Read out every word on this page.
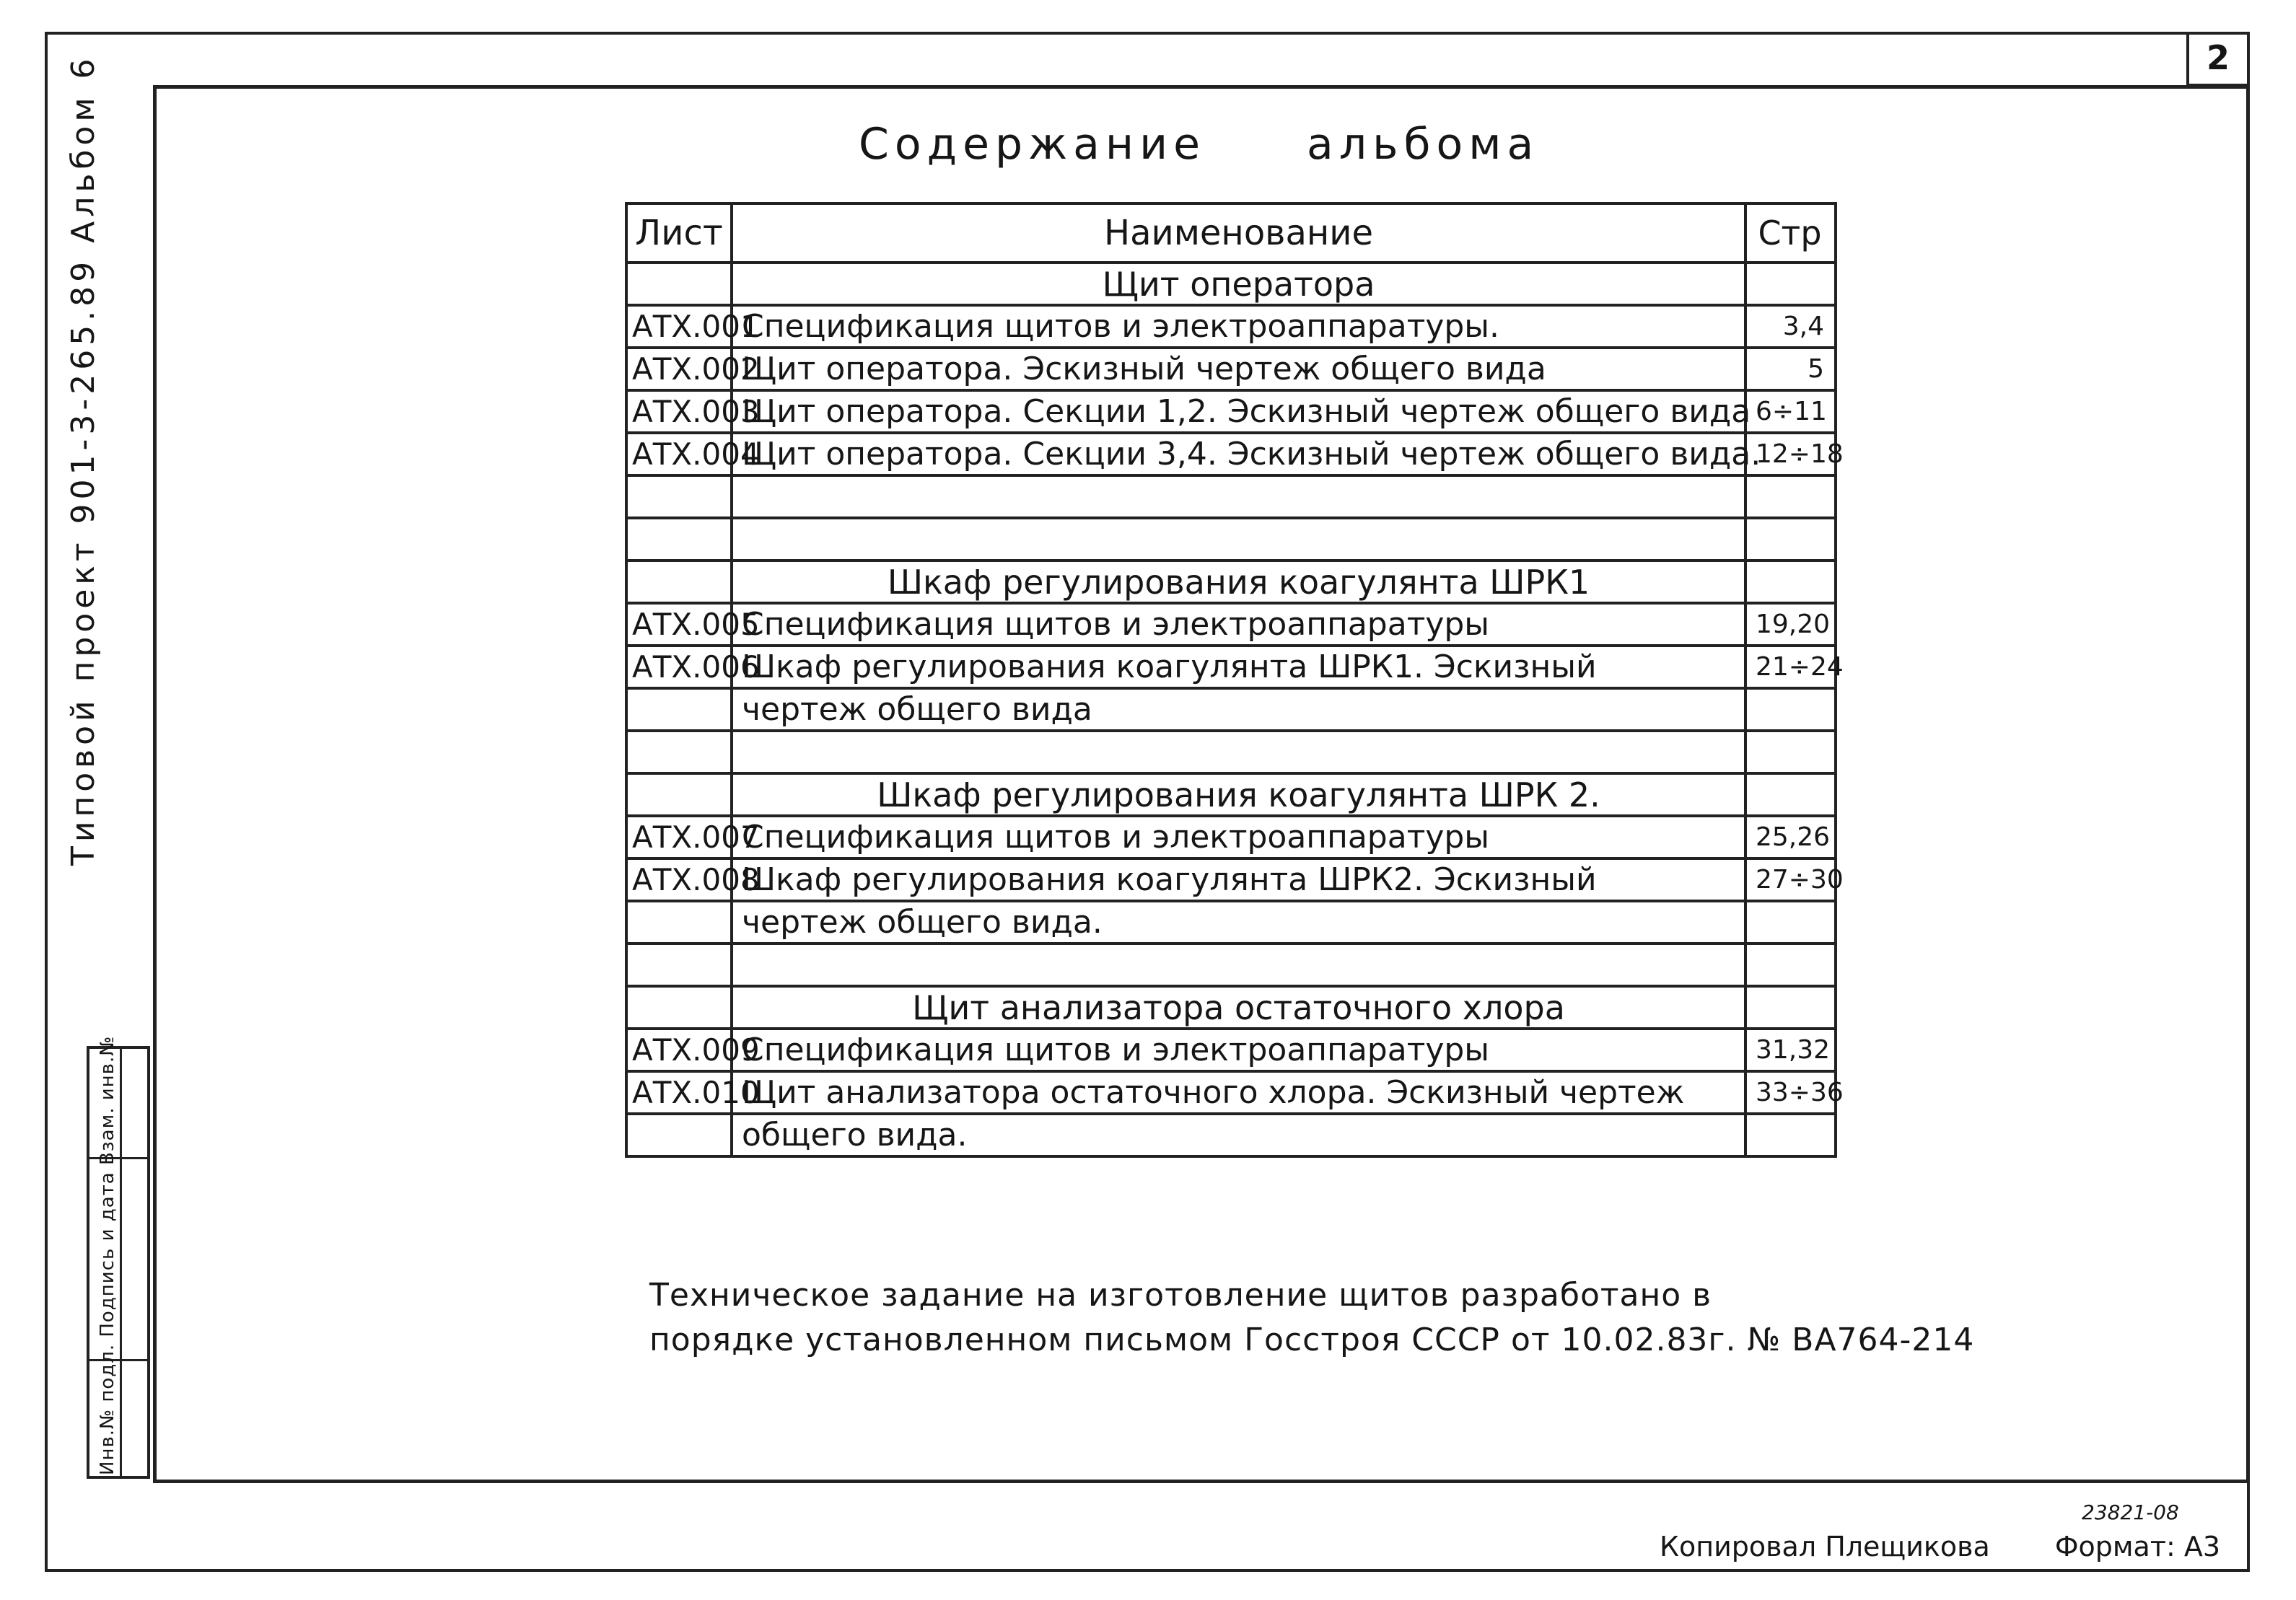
2
Типовой проект 901-3-265.89 Альбом 6
Инв.№ подл. Подпись и дата Взам. инв.№
Содержание альбома
Лист	Наименование	Стр
	Щит оператора	
АТХ.001	Спецификация щитов и электроаппаратуры.	3,4
АТХ.002	Щит оператора. Эскизный чертеж общего вида	5
АТХ.003	Щит оператора. Секции 1,2. Эскизный чертеж общего вида	6÷11
АТХ.004	Щит оператора. Секции 3,4. Эскизный чертеж общего вида.	12÷18

	Шкаф регулирования коагулянта ШРК1	
АТХ.005	Спецификация щитов и электроаппаратуры	19,20
АТХ.006	Шкаф регулирования коагулянта ШРК1. Эскизный	21÷24
	чертеж общего вида	

	Шкаф регулирования коагулянта ШРК 2.	
АТХ.007	Спецификация щитов и электроаппаратуры	25,26
АТХ.008	Шкаф регулирования коагулянта ШРК2. Эскизный	27÷30
	чертеж общего вида.	

	Щит анализатора остаточного хлора	
АТХ.009	Спецификация щитов и электроаппаратуры	31,32
АТХ.010	Щит анализатора остаточного хлора. Эскизный чертеж	33÷36
	общего вида.	
Техническое задание на изготовление щитов разработано в
порядке установленном письмом Госстроя СССР от 10.02.83г. № ВА764-214
23821-08
Копировал Плещикова Формат: А3
